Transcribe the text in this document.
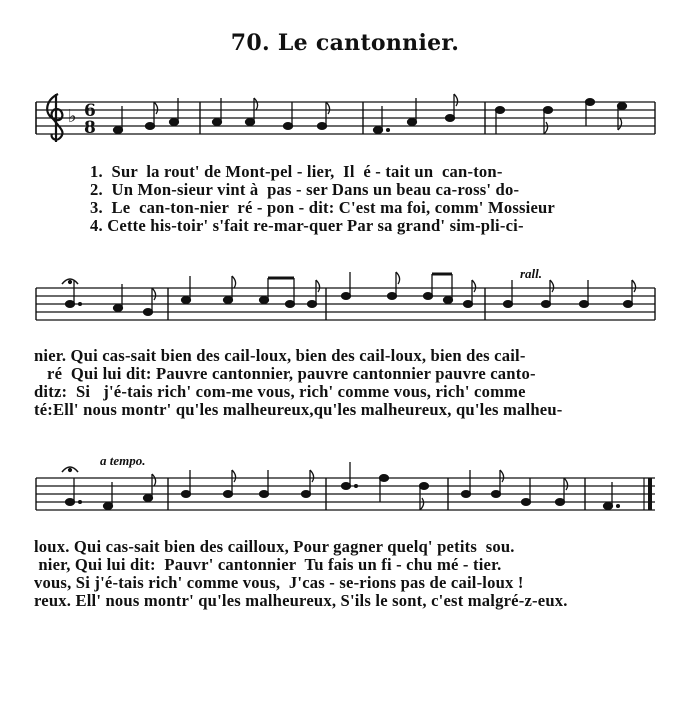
70. Le cantonnier.
♭ 6
8
1.  Sur  la rout' de Mont-pel - lier,  Il  é - tait un  can-ton-
2.  Un Mon-sieur vint à  pas - ser Dans un beau ca-ross' do-
3.  Le  can-ton-nier  ré - pon - dit: C'est ma foi, comm' Mossieur
4. Cette his-toir' s'fait re-mar-quer Par sa grand' sim-pli-ci-
rall.
nier. Qui cas-sait bien des cail-loux, bien des cail-loux, bien des cail-
ré  Qui lui dit: Pauvre cantonnier, pauvre cantonnier pauvre canto-
ditz:  Si   j'é-tais rich' com-me vous, rich' comme vous, rich' comme
té:Ell' nous montr' qu'les malheureux,qu'les malheureux, qu'les malheu-
a tempo.
loux. Qui cas-sait bien des cailloux, Pour gagner quelq' petits  sou.
nier, Qui lui dit:  Pauvr' cantonnier  Tu fais un fi - chu mé - tier.
vous, Si j'é-tais rich' comme vous,  J'cas - se-rions pas de cail-loux !
reux. Ell' nous montr' qu'les malheureux, S'ils le sont, c'est malgré-z-eux.
